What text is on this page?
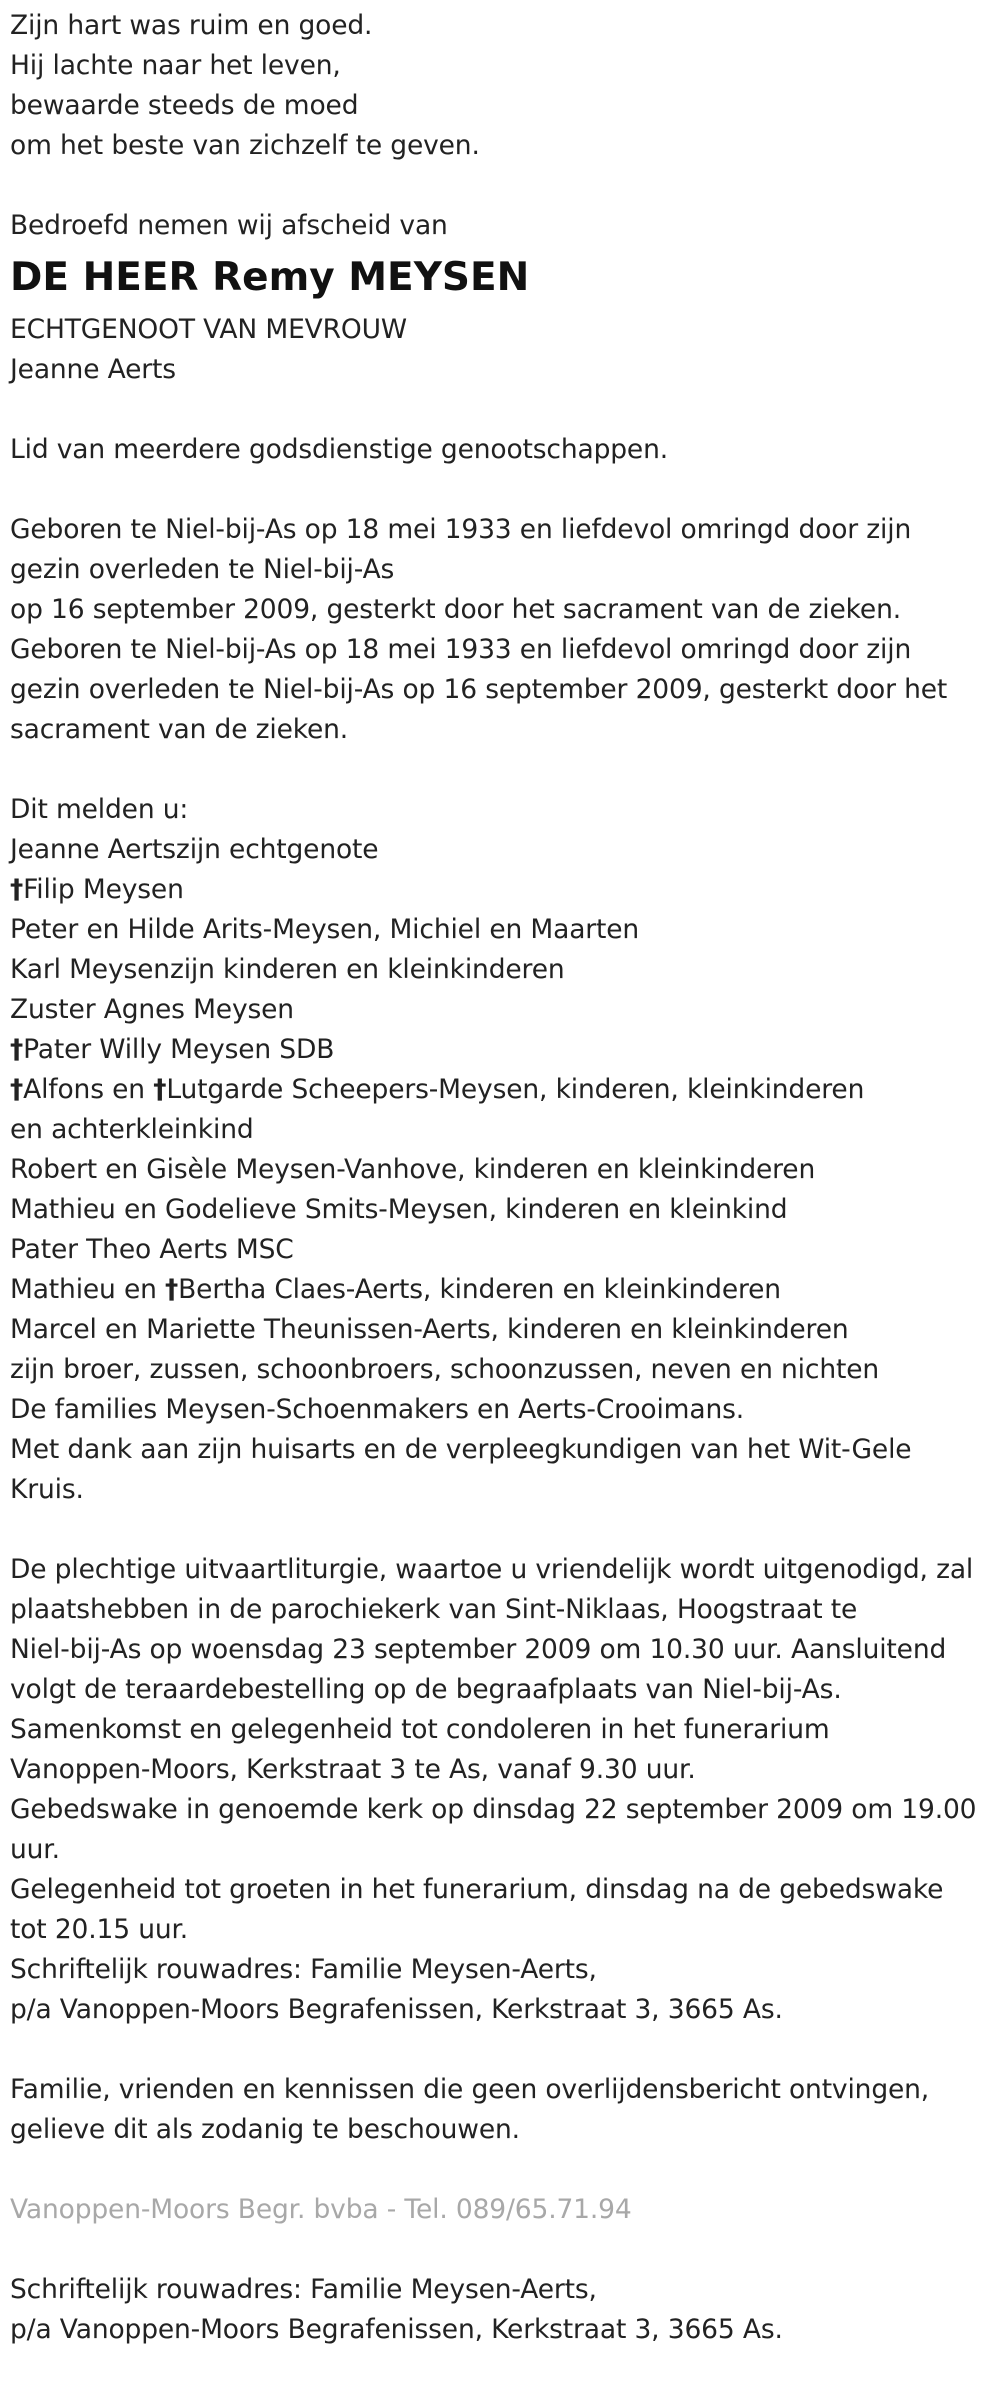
Zijn hart was ruim en goed.
Hij lachte naar het leven,
bewaarde steeds de moed
om het beste van zichzelf te geven.
Bedroefd nemen wij afscheid van
DE HEER Remy MEYSEN
ECHTGENOOT VAN MEVROUW
Jeanne Aerts
Lid van meerdere godsdienstige genootschappen.
Geboren te Niel-bij-As op 18 mei 1933 en liefdevol omringd door zijn
gezin overleden te Niel-bij-As
op 16 september 2009, gesterkt door het sacrament van de zieken.
Geboren te Niel-bij-As op 18 mei 1933 en liefdevol omringd door zijn
gezin overleden te Niel-bij-As op 16 september 2009, gesterkt door het
sacrament van de zieken.
Dit melden u:
Jeanne Aertszijn echtgenote
†Filip Meysen
Peter en Hilde Arits-Meysen, Michiel en Maarten
Karl Meysenzijn kinderen en kleinkinderen
Zuster Agnes Meysen
†Pater Willy Meysen SDB
†Alfons en †Lutgarde Scheepers-Meysen, kinderen, kleinkinderen
en achterkleinkind
Robert en Gisèle Meysen-Vanhove, kinderen en kleinkinderen
Mathieu en Godelieve Smits-Meysen, kinderen en kleinkind
Pater Theo Aerts MSC
Mathieu en †Bertha Claes-Aerts, kinderen en kleinkinderen
Marcel en Mariette Theunissen-Aerts, kinderen en kleinkinderen
zijn broer, zussen, schoonbroers, schoonzussen, neven en nichten
De families Meysen-Schoenmakers en Aerts-Crooimans.
Met dank aan zijn huisarts en de verpleegkundigen van het Wit-Gele
Kruis.
De plechtige uitvaartliturgie, waartoe u vriendelijk wordt uitgenodigd, zal
plaatshebben in de parochiekerk van Sint-Niklaas, Hoogstraat te
Niel-bij-As op woensdag 23 september 2009 om 10.30 uur. Aansluitend
volgt de teraardebestelling op de begraafplaats van Niel-bij-As.
Samenkomst en gelegenheid tot condoleren in het funerarium
Vanoppen-Moors, Kerkstraat 3 te As, vanaf 9.30 uur.
Gebedswake in genoemde kerk op dinsdag 22 september 2009 om 19.00
uur.
Gelegenheid tot groeten in het funerarium, dinsdag na de gebedswake
tot 20.15 uur.
Schriftelijk rouwadres: Familie Meysen-Aerts,
p/a Vanoppen-Moors Begrafenissen, Kerkstraat 3, 3665 As.
Familie, vrienden en kennissen die geen overlijdensbericht ontvingen,
gelieve dit als zodanig te beschouwen.
Vanoppen-Moors Begr. bvba - Tel. 089/65.71.94
Schriftelijk rouwadres: Familie Meysen-Aerts,
p/a Vanoppen-Moors Begrafenissen, Kerkstraat 3, 3665 As.
